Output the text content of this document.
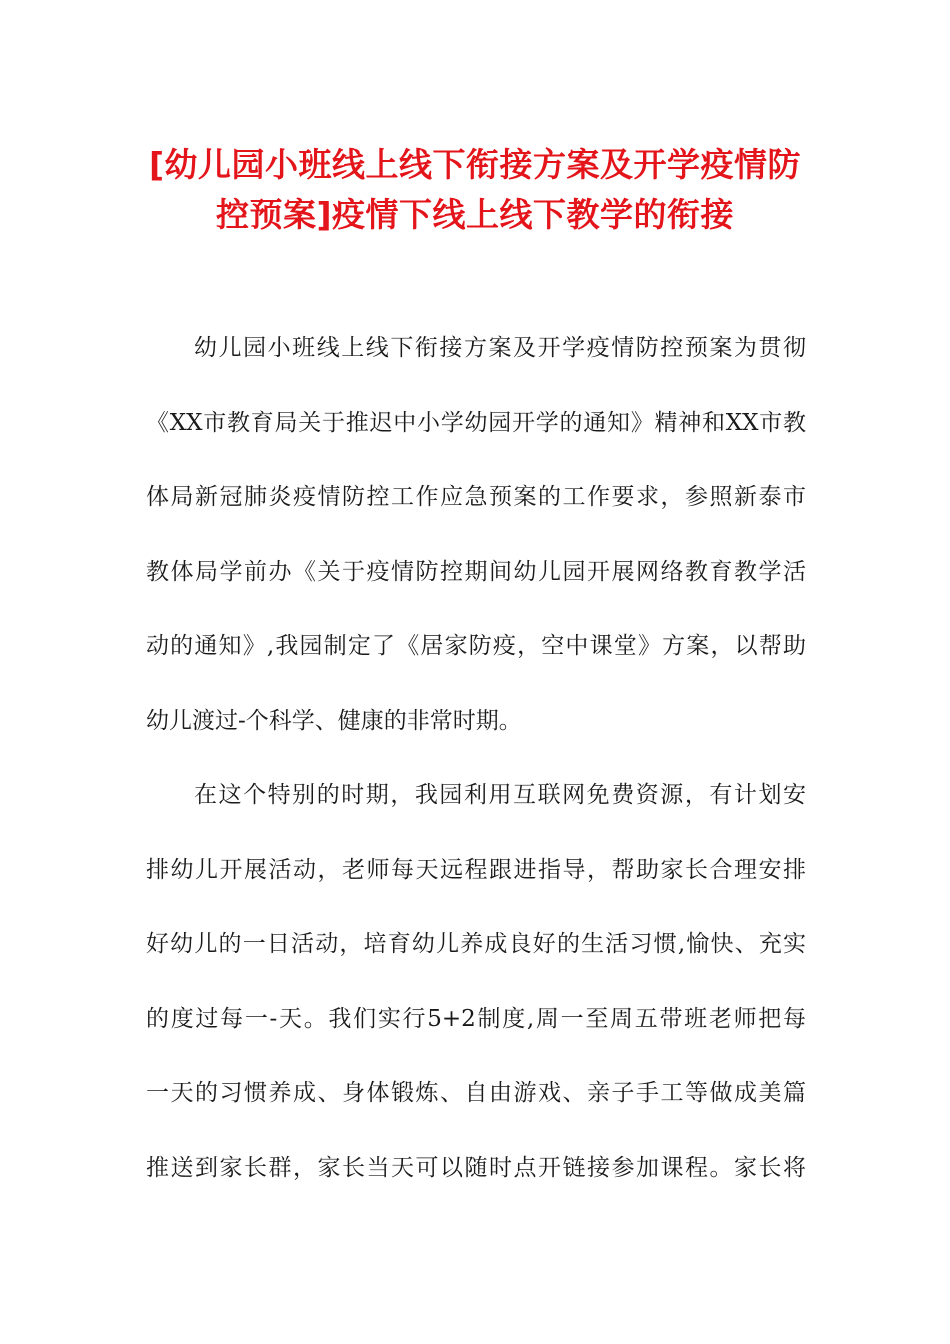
[幼儿园小班线上线下衔接方案及开学疫情防
控预案]疫情下线上线下教学的衔接
幼儿园小班线上线下衔接方案及开学疫情防控预案为贯彻
《XX市教育局关于推迟中小学幼园开学的通知》精神和XX市教
体局新冠肺炎疫情防控工作应急预案的工作要求，参照新泰市
教体局学前办《关于疫情防控期间幼儿园开展网络教育教学活
动的通知》,我园制定了《居家防疫，空中课堂》方案，以帮助
幼儿渡过-个科学、健康的非常时期。
在这个特别的时期，我园利用互联网免费资源，有计划安
排幼儿开展活动，老师每天远程跟进指导，帮助家长合理安排
好幼儿的一日活动，培育幼儿养成良好的生活习惯,愉快、充实
的度过每一-天。我们实行5+2制度,周一至周五带班老师把每
一天的习惯养成、身体锻炼、自由游戏、亲子手工等做成美篇
推送到家长群，家长当天可以随时点开链接参加课程。家长将
